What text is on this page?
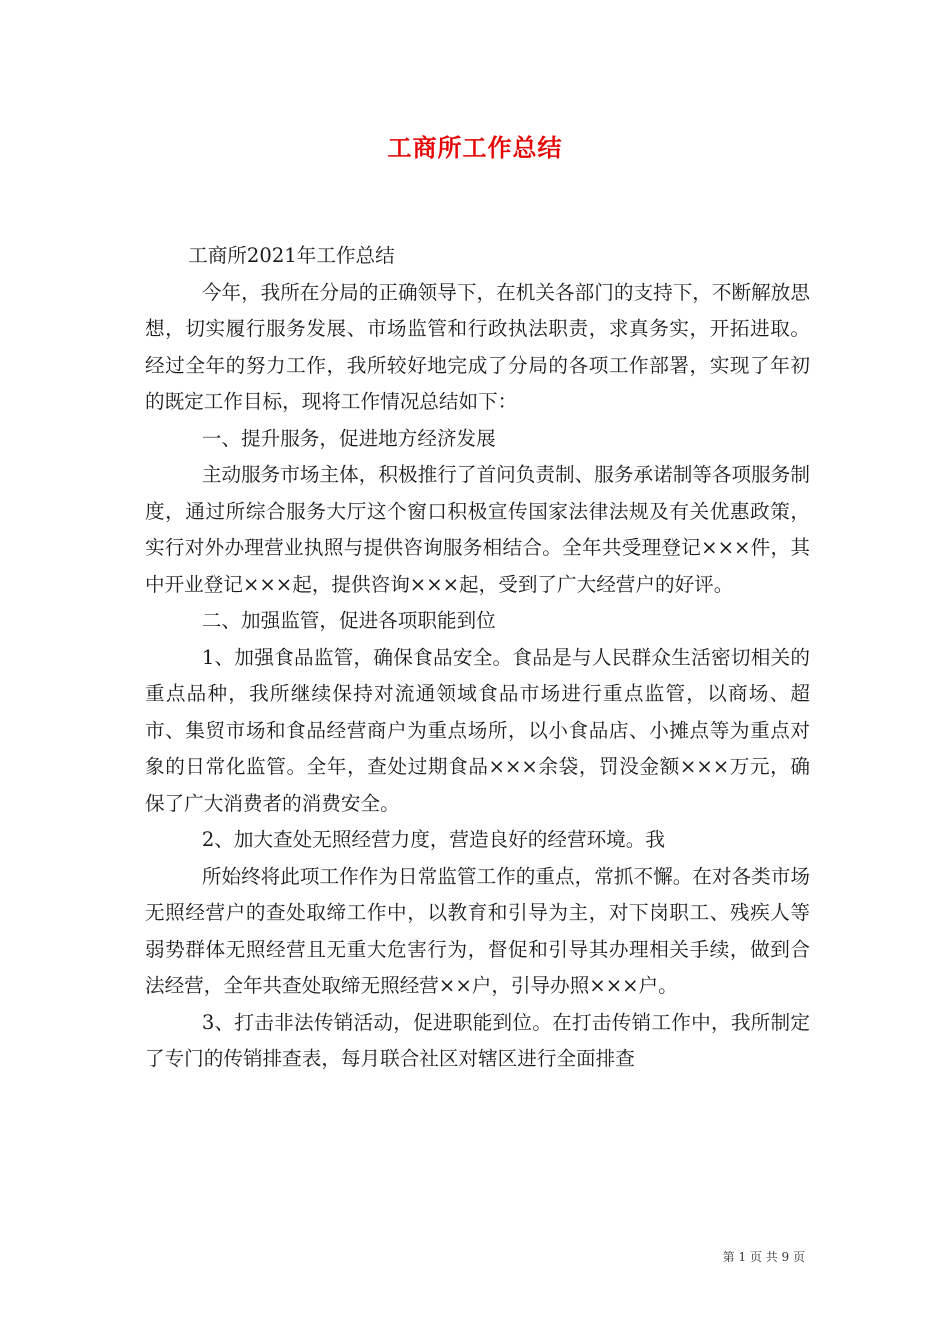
工商所工作总结

工商所2021年工作总结

今年，我所在分局的正确领导下，在机关各部门的支持下，不断解放思想，切实履行服务发展、市场监管和行政执法职责，求真务实，开拓进取。经过全年的努力工作，我所较好地完成了分局的各项工作部署，实现了年初的既定工作目标，现将工作情况总结如下：

一、提升服务，促进地方经济发展

主动服务市场主体，积极推行了首问负责制、服务承诺制等各项服务制度，通过所综合服务大厅这个窗口积极宣传国家法律法规及有关优惠政策，实行对外办理营业执照与提供咨询服务相结合。全年共受理登记×××件，其中开业登记×××起，提供咨询×××起，受到了广大经营户的好评。

二、加强监管，促进各项职能到位

1、加强食品监管，确保食品安全。食品是与人民群众生活密切相关的重点品种，我所继续保持对流通领域食品市场进行重点监管，以商场、超市、集贸市场和食品经营商户为重点场所，以小食品店、小摊点等为重点对象的日常化监管。全年，查处过期食品×××余袋，罚没金额×××万元，确保了广大消费者的消费安全。

2、加大查处无照经营力度，营造良好的经营环境。我

所始终将此项工作作为日常监管工作的重点，常抓不懈。在对各类市场无照经营户的查处取缔工作中，以教育和引导为主，对下岗职工、残疾人等弱势群体无照经营且无重大危害行为，督促和引导其办理相关手续，做到合法经营，全年共查处取缔无照经营××户，引导办照×××户。

3、打击非法传销活动，促进职能到位。在打击传销工作中，我所制定了专门的传销排查表，每月联合社区对辖区进行全面排查

第 1 页 共 9 页
